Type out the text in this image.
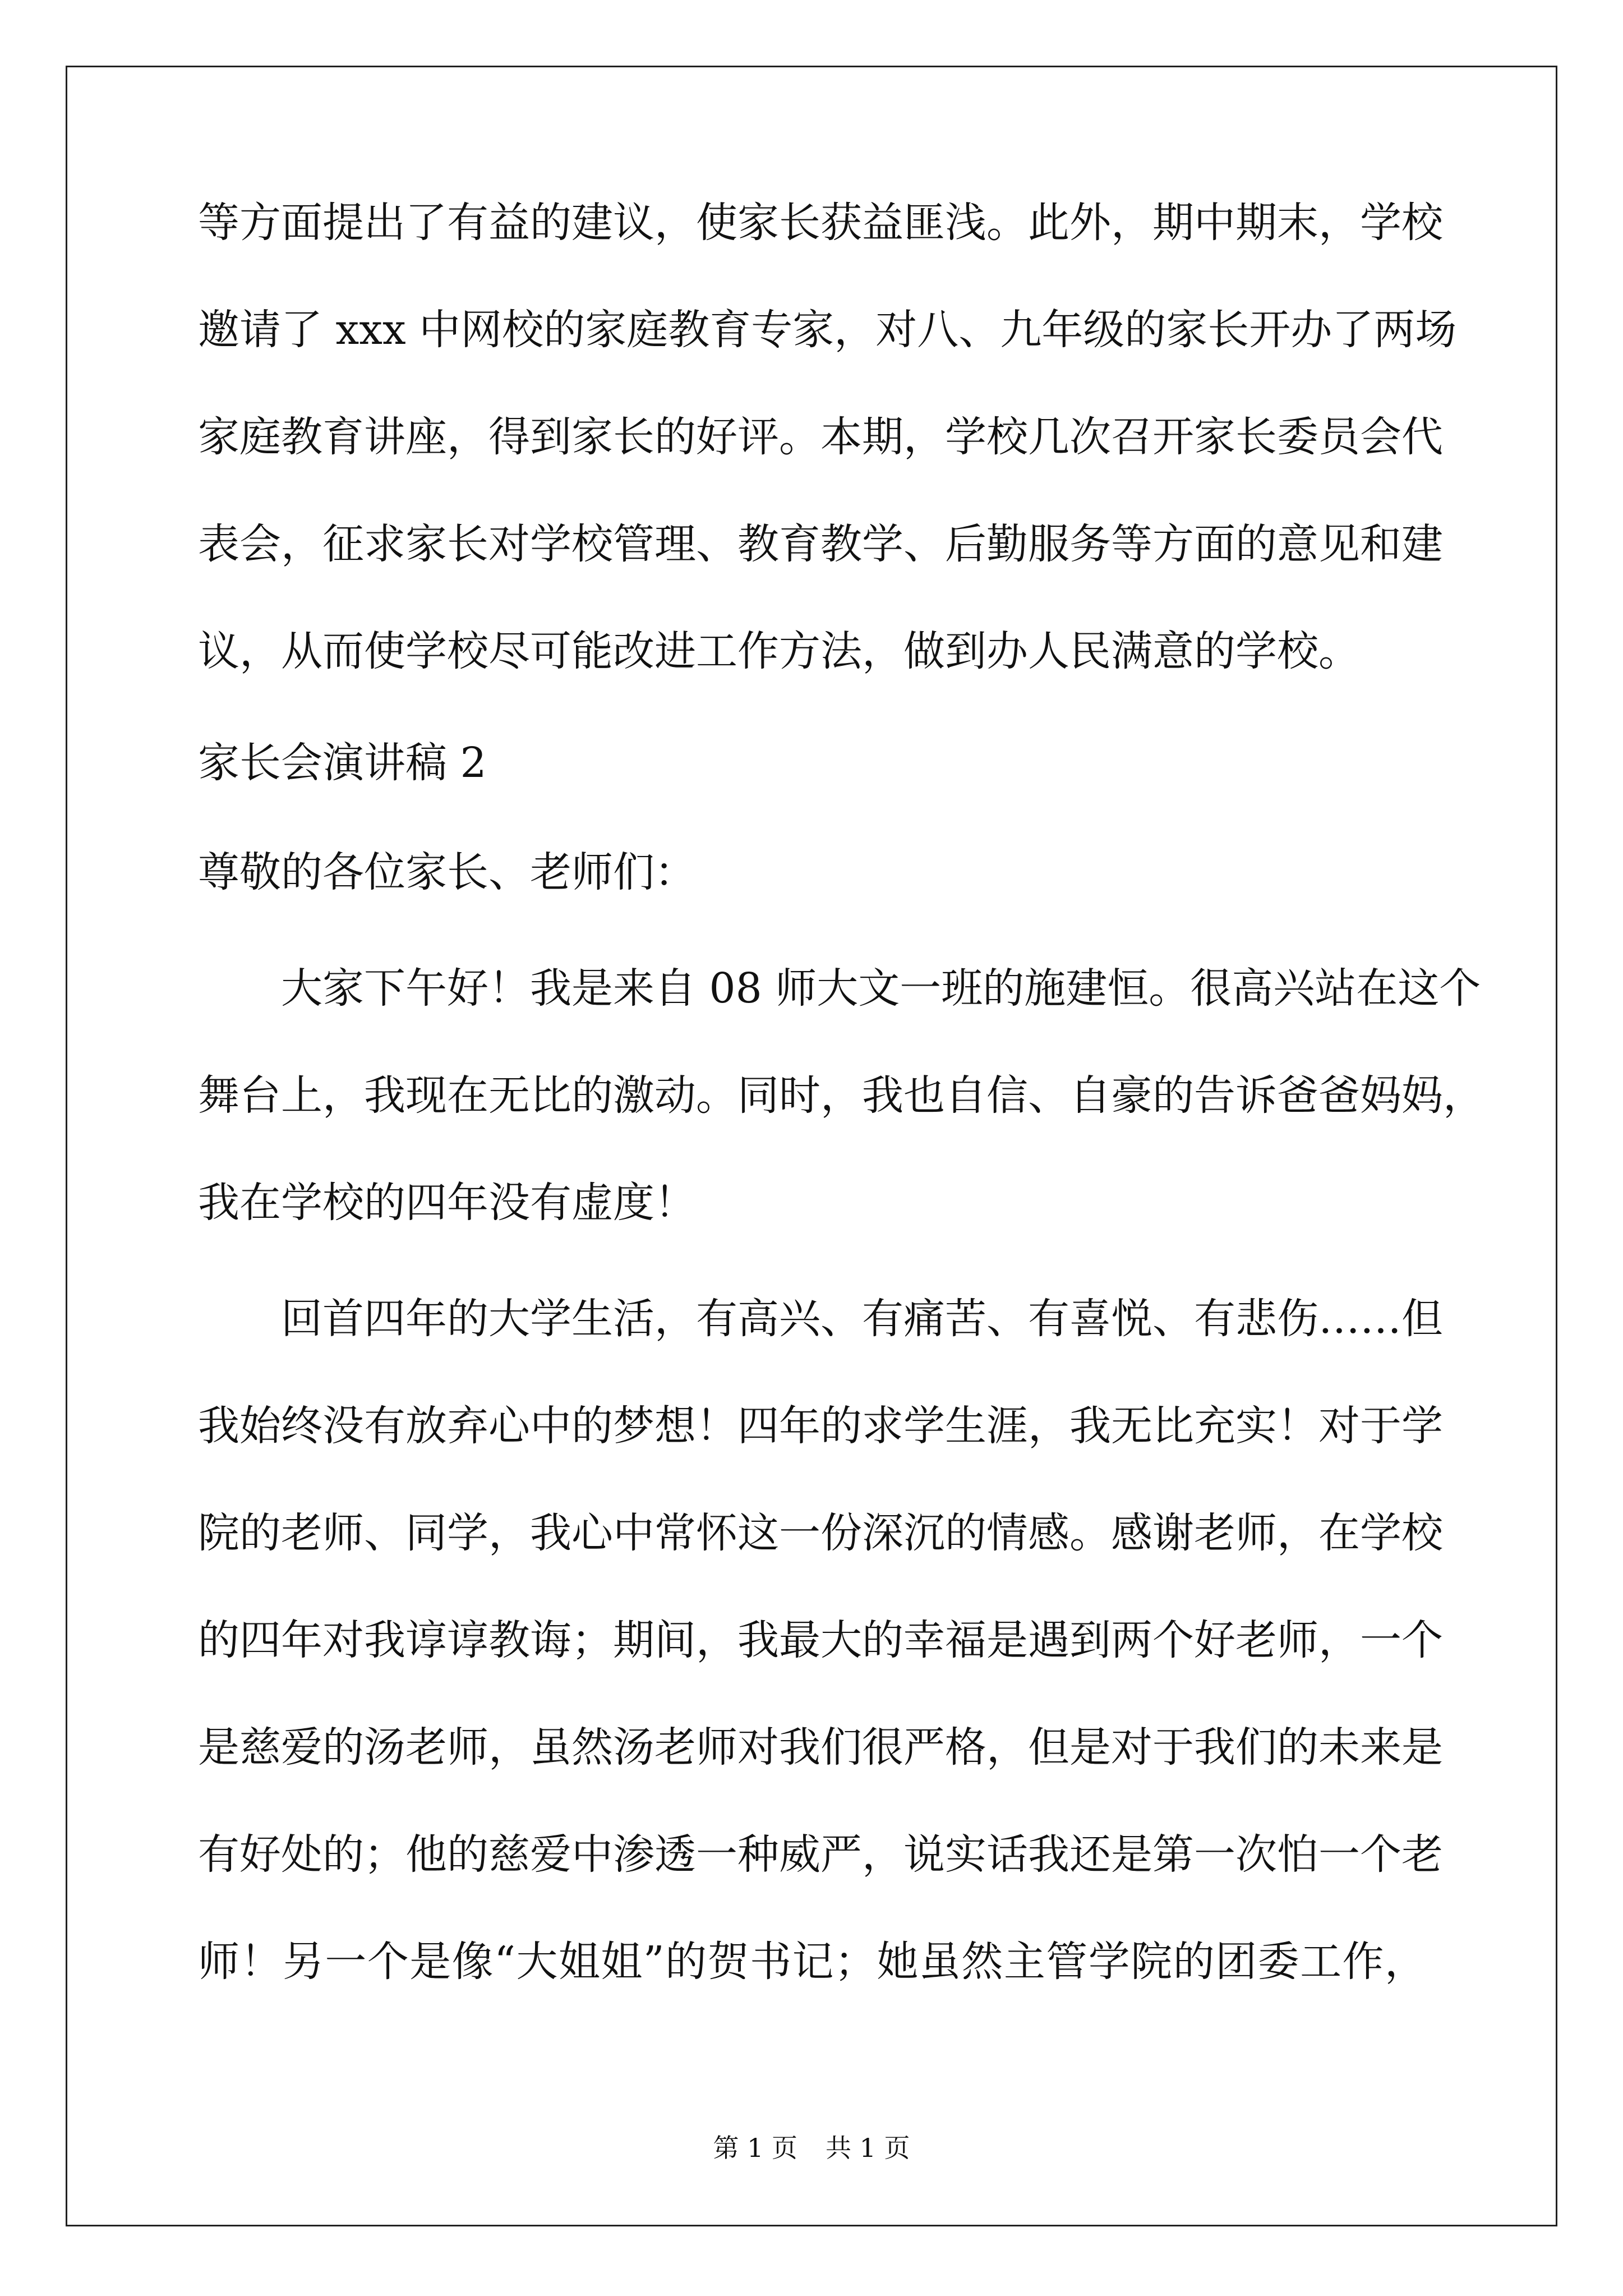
等方面提出了有益的建议，使家长获益匪浅。此外，期中期末，学校
邀请了 xxx 中网校的家庭教育专家，对八、九年级的家长开办了两场
家庭教育讲座，得到家长的好评。本期，学校几次召开家长委员会代
表会，征求家长对学校管理、教育教学、后勤服务等方面的意见和建
议，从而使学校尽可能改进工作方法，做到办人民满意的学校。
家长会演讲稿 2
尊敬的各位家长、老师们：
大家下午好！我是来自 08 师大文一班的施建恒。很高兴站在这个
舞台上，我现在无比的激动。同时，我也自信、自豪的告诉爸爸妈妈，
我在学校的四年没有虚度！
回首四年的大学生活，有高兴、有痛苦、有喜悦、有悲伤……但
我始终没有放弃心中的梦想！四年的求学生涯，我无比充实！对于学
院的老师、同学，我心中常怀这一份深沉的情感。感谢老师，在学校
的四年对我谆谆教诲；期间，我最大的幸福是遇到两个好老师，一个
是慈爱的汤老师，虽然汤老师对我们很严格，但是对于我们的未来是
有好处的；他的慈爱中渗透一种威严，说实话我还是第一次怕一个老
师！另一个是像“大姐姐”的贺书记；她虽然主管学院的团委工作，
第 1 页 共 1 页
